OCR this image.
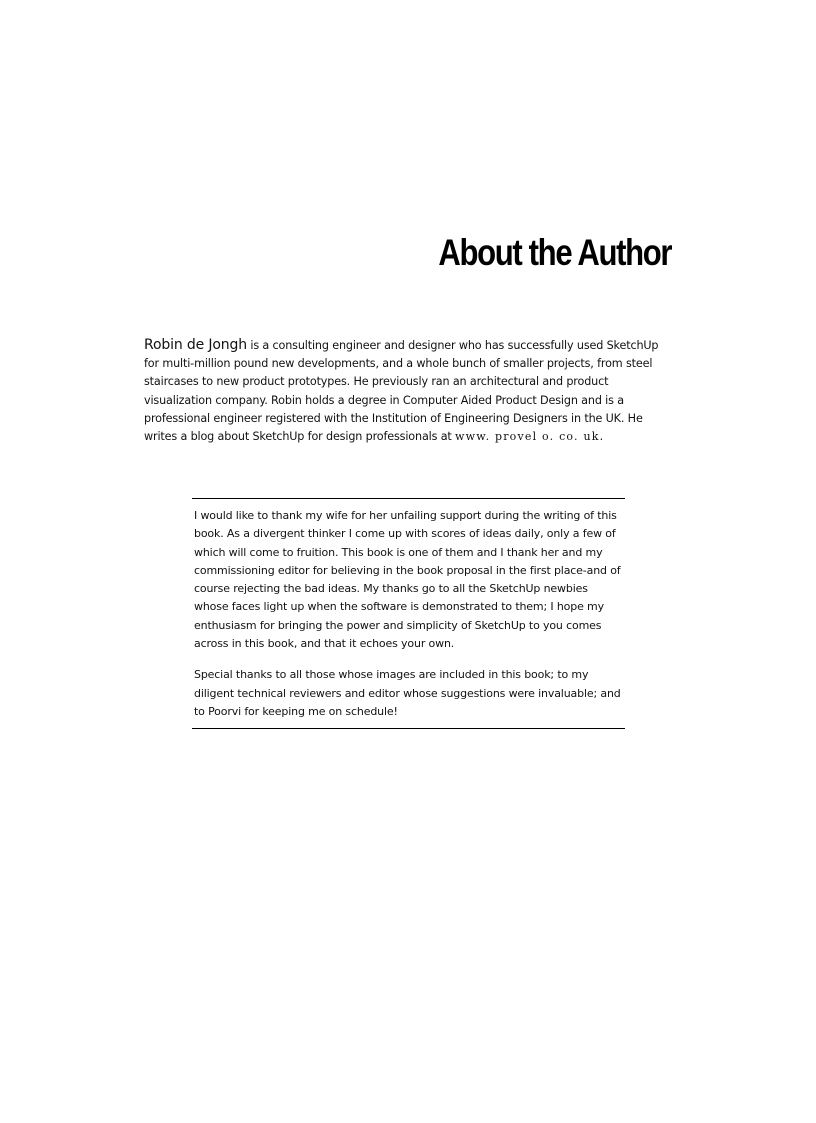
About the Author

Robin de Jongh is a consulting engineer and designer who has successfully used SketchUp for multi-million pound new developments, and a whole bunch of smaller projects, from steel staircases to new product prototypes. He previously ran an architectural and product visualization company. Robin holds a degree in Computer Aided Product Design and is a professional engineer registered with the Institution of Engineering Designers in the UK. He writes a blog about SketchUp for design professionals at www. provel o. co. uk.

I would like to thank my wife for her unfailing support during the writing of this book. As a divergent thinker I come up with scores of ideas daily, only a few of which will come to fruition. This book is one of them and I thank her and my commissioning editor for believing in the book proposal in the first place-and of course rejecting the bad ideas. My thanks go to all the SketchUp newbies whose faces light up when the software is demonstrated to them; I hope my enthusiasm for bringing the power and simplicity of SketchUp to you comes across in this book, and that it echoes your own.

Special thanks to all those whose images are included in this book; to my diligent technical reviewers and editor whose suggestions were invaluable; and to Poorvi for keeping me on schedule!
